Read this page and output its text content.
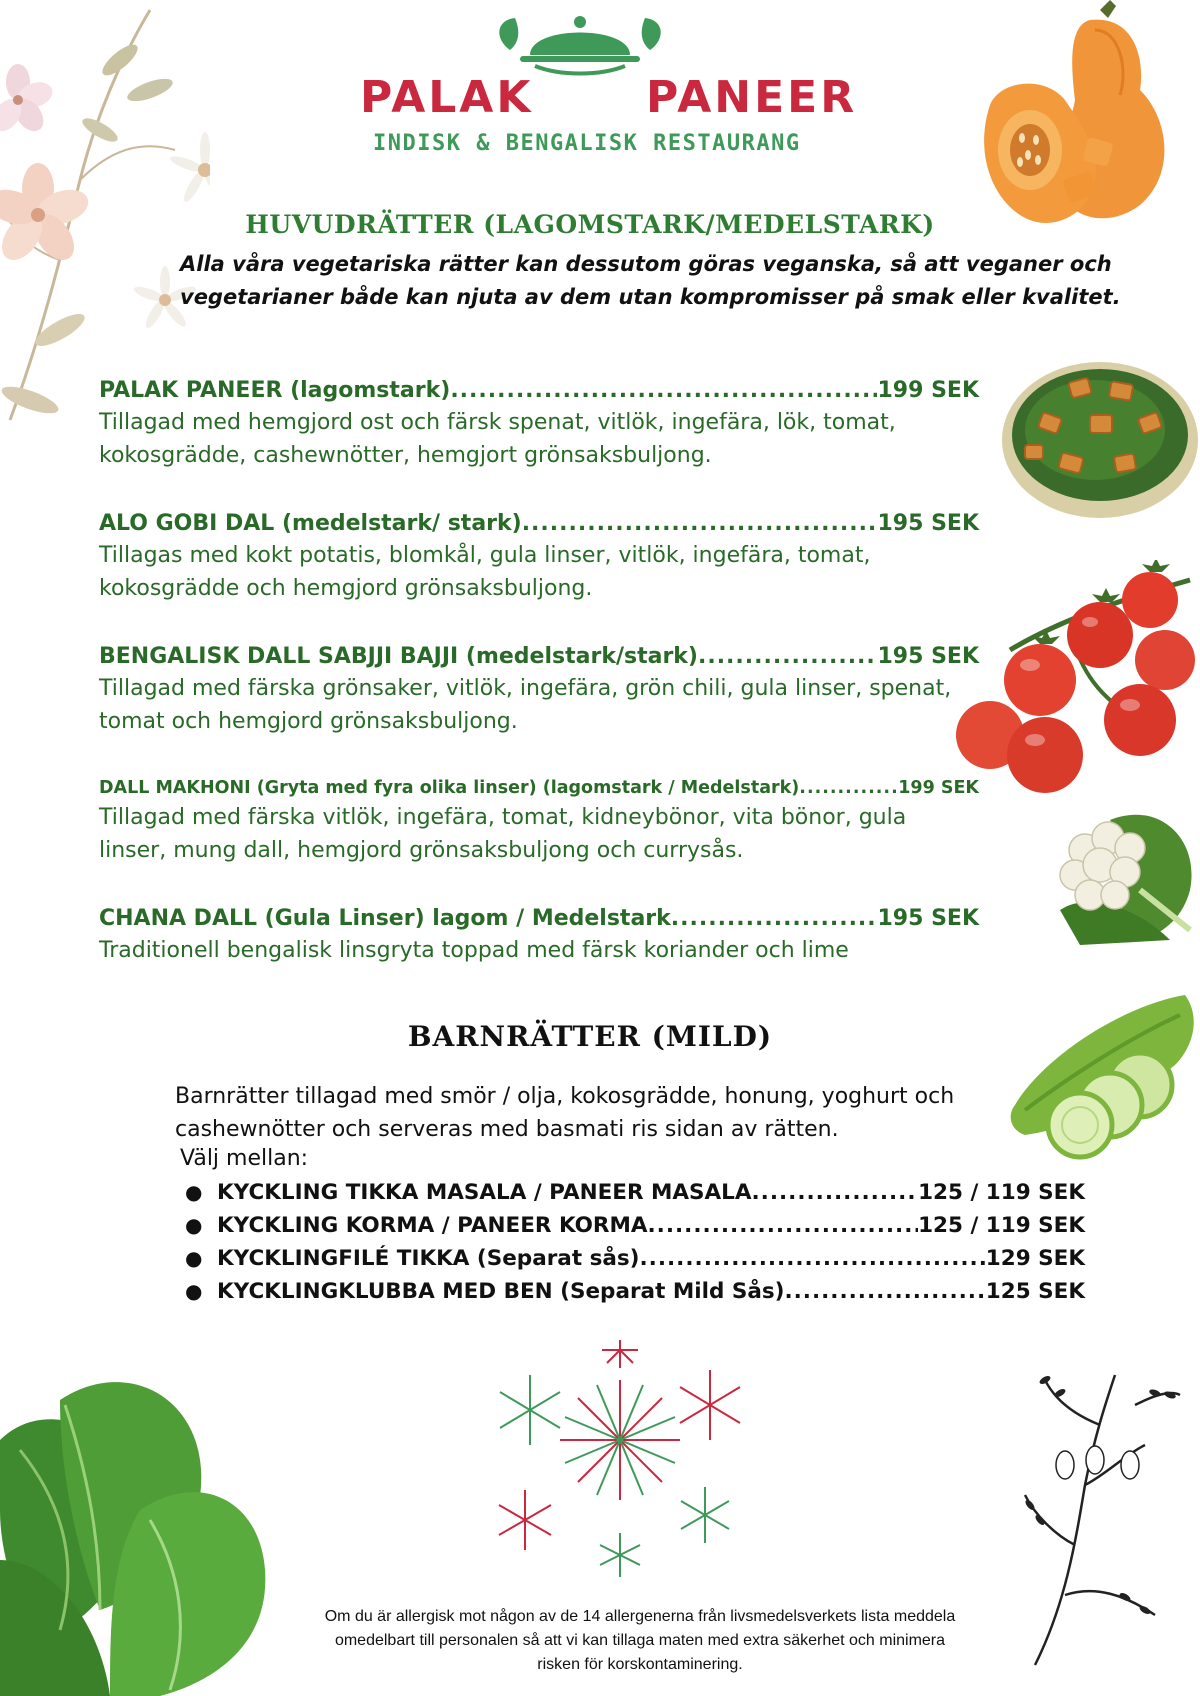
PALAK	PANEER
INDISK & BENGALISK RESTAURANG
HUVUDRÄTTER (LAGOMSTARK/MEDELSTARK)

Alla våra vegetariska rätter kan dessutom göras veganska, så att veganer och vegetarianer både kan njuta av dem utan kompromisser på smak eller kvalitet.

PALAK PANEER (lagomstark) .....	199 SEK
Tillagad med hemgjord ost och färsk spenat, vitlök, ingefära, lök, tomat, kokosgrädde, cashewnötter, hemgjort grönsaksbuljong.
ALO GOBI DAL (medelstark/ stark) .....	195 SEK
Tillagas med kokt potatis, blomkål, gula linser, vitlök, ingefära, tomat, kokosgrädde och hemgjord grönsaksbuljong.
BENGALISK DALL SABJJI BAJJI (medelstark/stark) .....	195 SEK
Tillagad med färska grönsaker, vitlök, ingefära, grön chili, gula linser, spenat, tomat och hemgjord grönsaksbuljong.
DALL MAKHONI (Gryta med fyra olika linser) (lagomstark / Medelstark) .....	199 SEK
Tillagad med färska vitlök, ingefära, tomat, kidneybönor, vita bönor, gula linser, mung dall, hemgjord grönsaksbuljong och currysås.
CHANA DALL (Gula Linser) lagom / Medelstark .....	195 SEK
Traditionell bengalisk linsgryta toppad med färsk koriander och lime
BARNRÄTTER (MILD)

Barnrätter tillagad med smör / olja, kokosgrädde, honung, yoghurt och cashewnötter och serveras med basmati ris sidan av rätten.

Välj mellan:
● KYCKLING TIKKA MASALA / PANEER MASALA .....	125 / 119 SEK
● KYCKLING KORMA / PANEER KORMA .....	125 / 119 SEK
● KYCKLINGFILÉ TIKKA (Separat sås) .....	129 SEK
● KYCKLINGKLUBBA MED BEN (Separat Mild Sås) .....	125 SEK

Om du är allergisk mot någon av de 14 allergenerna från livsmedelsverkets lista meddela omedelbart till personalen så att vi kan tillaga maten med extra säkerhet och minimera risken för korskontaminering.
